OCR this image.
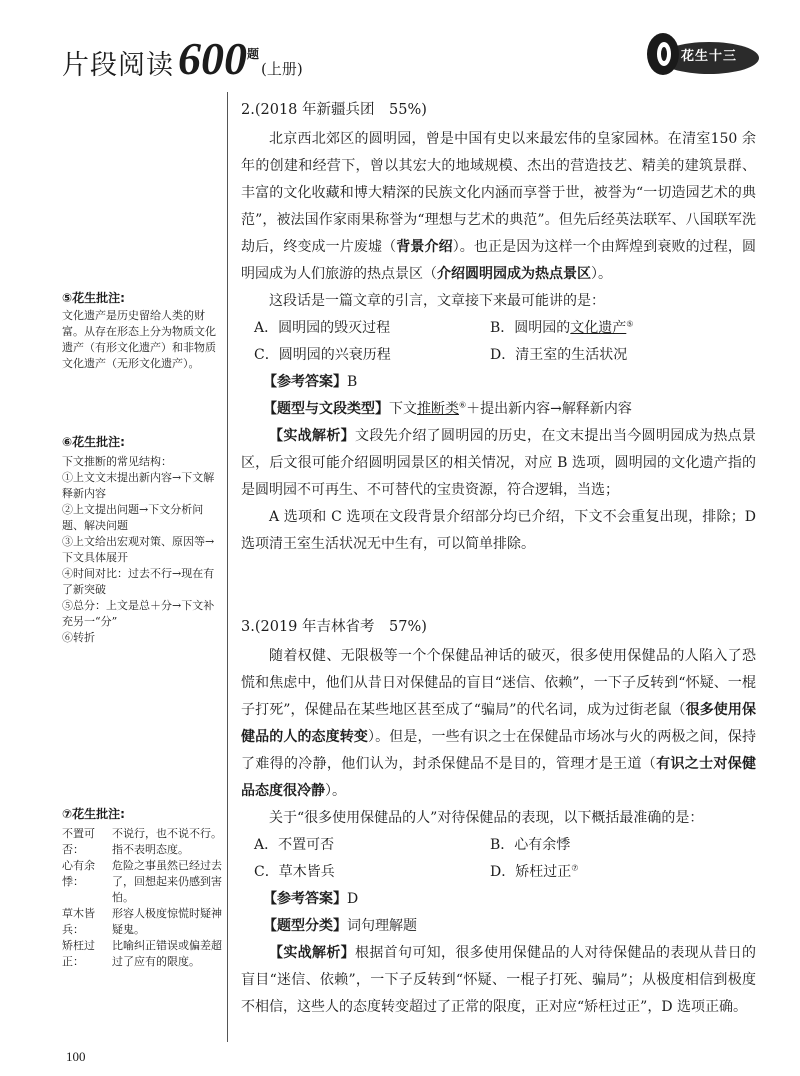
片段阅读 600 题
(上册)
花生十三
⑤花生批注:
文化遗产是历史留给人类的财富。从存在形态上分为物质文化遗产（有形文化遗产）和非物质文化遗产（无形文化遗产）。
⑥花生批注:
下文推断的常见结构：
①上文文末提出新内容→下文解释新内容
②上文提出问题→下文分析问题、解决问题
③上文给出宏观对策、原因等→下文具体展开
④时间对比：过去不行→现在有了新突破
⑤总分：上文是总＋分→下文补充另一“分”
⑥转折
⑦花生批注:
不置可否：
不说行，也不说不行。指不表明态度。
心有余悸：
危险之事虽然已经过去了，回想起来仍感到害怕。
草木皆兵：
形容人极度惊慌时疑神疑鬼。
矫枉过正：
比喻纠正错误或偏差超过了应有的限度。
2.(2018 年新疆兵团　55%)
北京西北郊区的圆明园，曾是中国有史以来最宏伟的皇家园林。在清室150 余年的创建和经营下，曾以其宏大的地域规模、杰出的营造技艺、精美的建筑景群、丰富的文化收藏和博大精深的民族文化内涵而享誉于世，被誉为“一切造园艺术的典范”，被法国作家雨果称誉为“理想与艺术的典范”。但先后经英法联军、八国联军洗劫后，终变成一片废墟（背景介绍）。也正是因为这样一个由辉煌到衰败的过程，圆明园成为人们旅游的热点景区（介绍圆明园成为热点景区）。
这段话是一篇文章的引言，文章接下来最可能讲的是：
A．圆明园的毁灭过程	B．圆明园的文化遗产⑤
C．圆明园的兴衰历程	D．清王室的生活状况
【参考答案】B
【题型与文段类型】下文推断类⑥＋提出新内容→解释新内容
【实战解析】文段先介绍了圆明园的历史，在文末提出当今圆明园成为热点景区，后文很可能介绍圆明园景区的相关情况，对应 B 选项，圆明园的文化遗产指的是圆明园不可再生、不可替代的宝贵资源，符合逻辑，当选；
A 选项和 C 选项在文段背景介绍部分均已介绍，下文不会重复出现，排除；D 选项清王室生活状况无中生有，可以简单排除。
3.(2019 年吉林省考　57%)
随着权健、无限极等一个个保健品神话的破灭，很多使用保健品的人陷入了恐慌和焦虑中，他们从昔日对保健品的盲目“迷信、依赖”，一下子反转到“怀疑、一棍子打死”，保健品在某些地区甚至成了“骗局”的代名词，成为过街老鼠（很多使用保健品的人的态度转变）。但是，一些有识之士在保健品市场冰与火的两极之间，保持了难得的冷静，他们认为，封杀保健品不是目的，管理才是王道（有识之士对保健品态度很冷静）。
关于“很多使用保健品的人”对待保健品的表现，以下概括最准确的是：
A．不置可否	B．心有余悸
C．草木皆兵	D．矫枉过正⑦
【参考答案】D
【题型分类】词句理解题
【实战解析】根据首句可知，很多使用保健品的人对待保健品的表现从昔日的盲目“迷信、依赖”，一下子反转到“怀疑、一棍子打死、骗局”；从极度相信到极度不相信，这些人的态度转变超过了正常的限度，正对应“矫枉过正”，D 选项正确。
100
